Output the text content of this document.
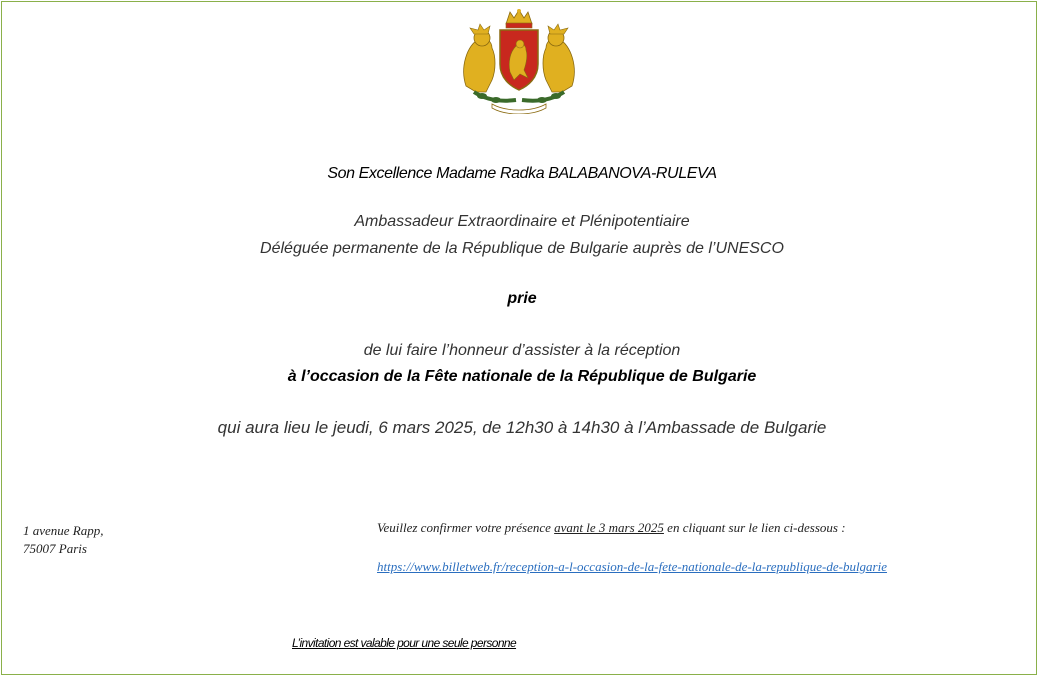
Son Excellence Madame Radka BALABANOVA-RULEVA
Ambassadeur Extraordinaire et Plénipotentiaire
Déléguée permanente de la République de Bulgarie auprès de l’UNESCO
prie
de lui faire l’honneur d’assister à la réception
à l’occasion de la Fête nationale de la République de Bulgarie
qui aura lieu le jeudi, 6 mars 2025, de 12h30 à 14h30 à l’Ambassade de Bulgarie
1 avenue Rapp,
75007 Paris
Veuillez confirmer votre présence avant le 3 mars 2025 en cliquant sur le lien ci-dessous :
https://www.billetweb.fr/reception-a-l-occasion-de-la-fete-nationale-de-la-republique-de-bulgarie
L’invitation est valable pour une seule personne
